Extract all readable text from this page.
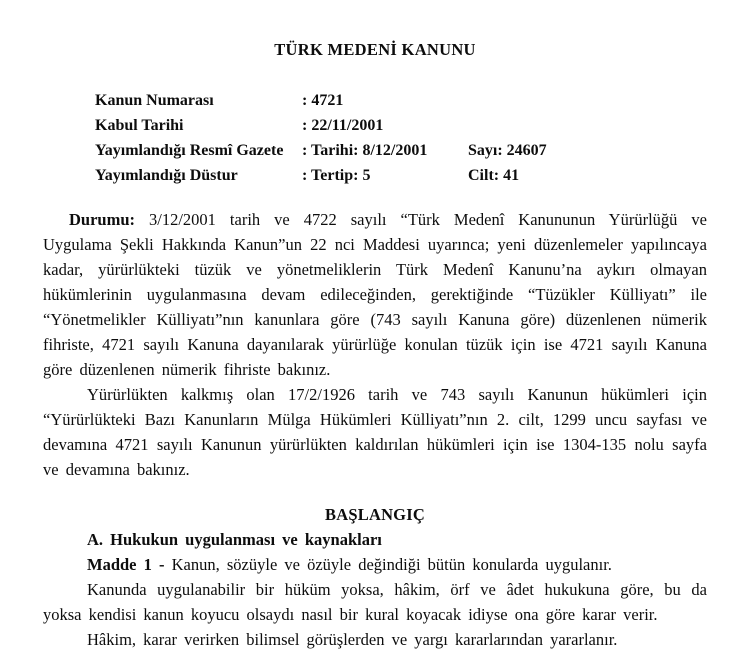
TÜRK MEDENİ KANUNU
Kanun Numarası	: 4721
Kabul Tarihi	: 22/11/2001
Yayımlandığı Resmî Gazete	: Tarihi: 8/12/2001	Sayı: 24607
Yayımlandığı Düstur	: Tertip: 5	Cilt: 41

Durumu: 3/12/2001 tarih ve 4722 sayılı “Türk Medenî Kanununun Yürürlüğü ve Uygulama Şekli Hakkında Kanun”un 22 nci Maddesi uyarınca; yeni düzenlemeler yapılıncaya kadar, yürürlükteki tüzük ve yönetmeliklerin Türk Medenî Kanunu’na aykırı olmayan hükümlerinin uygulanmasına devam edileceğinden, gerektiğinde “Tüzükler Külliyatı” ile “Yönetmelikler Külliyatı”nın kanunlara göre (743 sayılı Kanuna göre) düzenlenen nümerik fihriste, 4721 sayılı Kanuna dayanılarak yürürlüğe konulan tüzük için ise 4721 sayılı Kanuna göre düzenlenen nümerik fihriste bakınız.

Yürürlükten kalkmış olan 17/2/1926 tarih ve 743 sayılı Kanunun hükümleri için “Yürürlükteki Bazı Kanunların Mülga Hükümleri Külliyatı”nın 2. cilt, 1299 uncu sayfası ve devamına 4721 sayılı Kanunun yürürlükten kaldırılan hükümleri için ise 1304-135 nolu sayfa ve devamına bakınız.

BAŞLANGIÇ

A. Hukukun uygulanması ve kaynakları

Madde 1 - Kanun, sözüyle ve özüyle değindiği bütün konularda uygulanır.

Kanunda uygulanabilir bir hüküm yoksa, hâkim, örf ve âdet hukukuna göre, bu da yoksa kendisi kanun koyucu olsaydı nasıl bir kural koyacak idiyse ona göre karar verir.

Hâkim, karar verirken bilimsel görüşlerden ve yargı kararlarından yararlanır.
